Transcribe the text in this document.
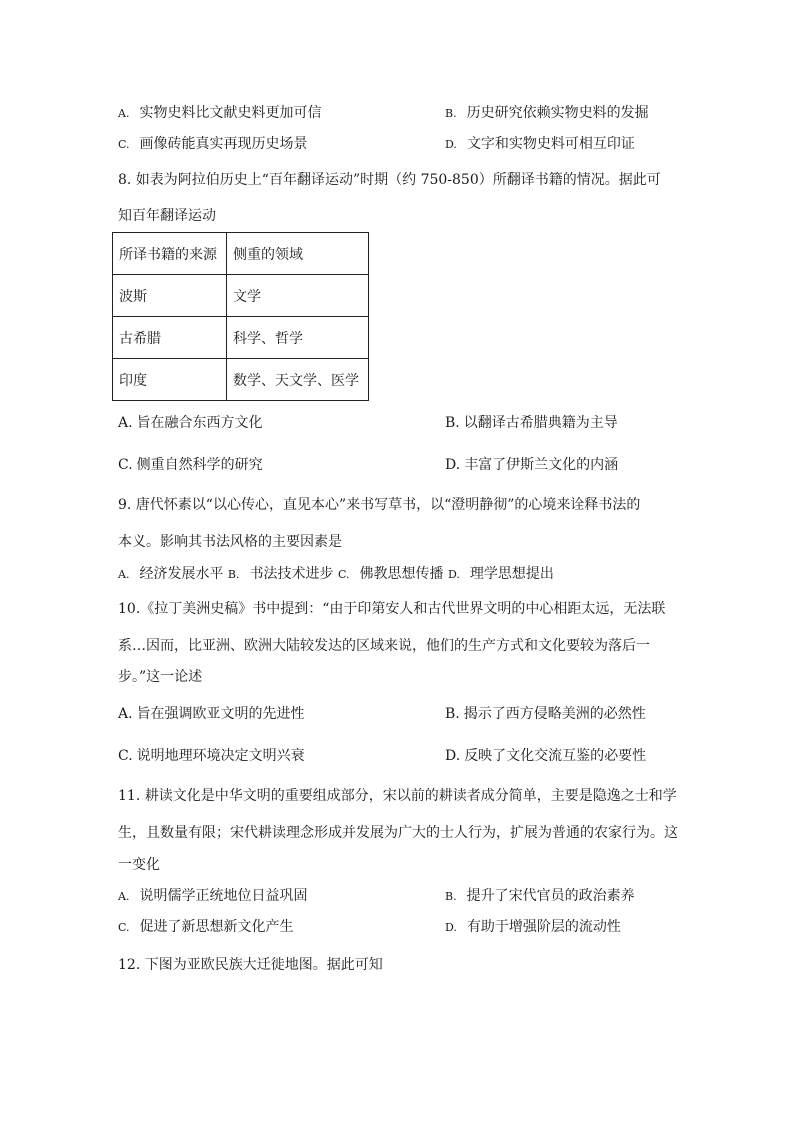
A. 实物史料比文献史料更加可信	B. 历史研究依赖实物史料的发掘
C. 画像砖能真实再现历史场景	D. 文字和实物史料可相互印证
8. 如表为阿拉伯历史上“百年翻译运动”时期（约 750-850）所翻译书籍的情况。据此可
知百年翻译运动
所译书籍的来源	侧重的领域
波斯	文学
古希腊	科学、哲学
印度	数学、天文学、医学
A. 旨在融合东西方文化	B. 以翻译古希腊典籍为主导
C. 侧重自然科学的研究	D. 丰富了伊斯兰文化的内涵
9. 唐代怀素以“以心传心，直见本心”来书写草书，以“澄明静彻”的心境来诠释书法的
本义。影响其书法风格的主要因素是
A. 经济发展水平 B. 书法技术进步 C. 佛教思想传播 D. 理学思想提出
10.《拉丁美洲史稿》书中提到：“由于印第安人和古代世界文明的中心相距太远，无法联
系…因而，比亚洲、欧洲大陆较发达的区域来说，他们的生产方式和文化要较为落后一
步。”这一论述
A. 旨在强调欧亚文明的先进性	B. 揭示了西方侵略美洲的必然性
C. 说明地理环境决定文明兴衰	D. 反映了文化交流互鉴的必要性
11. 耕读文化是中华文明的重要组成部分，宋以前的耕读者成分简单，主要是隐逸之士和学
生，且数量有限；宋代耕读理念形成并发展为广大的士人行为，扩展为普通的农家行为。这
一变化
A. 说明儒学正统地位日益巩固	B. 提升了宋代官员的政治素养
C. 促进了新思想新文化产生	D. 有助于增强阶层的流动性
12. 下图为亚欧民族大迁徙地图。据此可知
